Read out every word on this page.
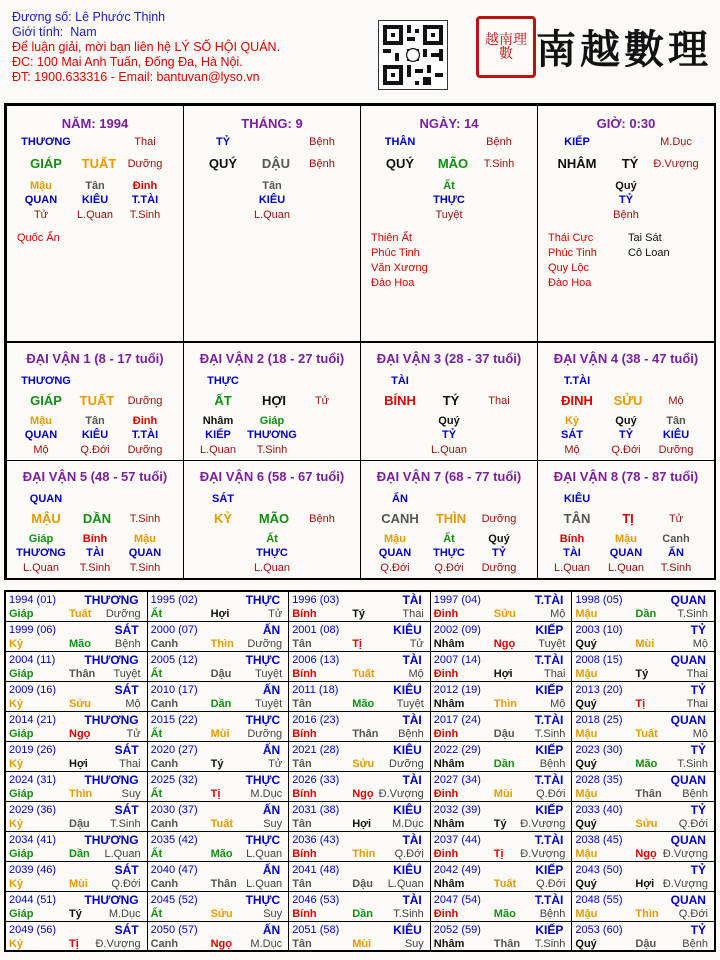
Đương số: Lê Phước Thịnh
Giới tính: Nam
Để luận giải, mời bạn liên hệ LÝ SỐ HỘI QUÁN.
ĐC: 100 Mai Anh Tuấn, Đống Đa, Hà Nội.
ĐT: 1900.633316 - Email: bantuvan@lyso.vn
越南理數 南越數理
NĂM: 1994
THƯƠNG	Thai
GIÁP	TUẤT	Dưỡng
Mậu	Tân	Đinh
QUAN	KIÊU	T.TÀI
Tử	L.Quan	T.Sinh
Quốc Ấn
THÁNG: 9
TỶ	Bệnh
QUÝ	DẬU	Bệnh
Tân
KIÊU
L.Quan
NGÀY: 14
THÂN	Bệnh
QUÝ	MÃO	T.Sinh
Ất
THỰC
Tuyệt
Thiên Ất
Phúc Tinh
Văn Xương
Đào Hoa
GIỜ: 0:30
KIẾP	M.Dục
NHÂM	TÝ	Đ.Vượng
Quý
TỶ
Bệnh
Thái Cực
Phúc Tinh
Quy Lộc
Đào Hoa
Tai Sát
Cô Loan
ĐẠI VẬN 1 (8 - 17 tuổi)
THƯƠNG
GIÁP	TUẤT	Dưỡng
Mậu	Tân	Đinh
QUAN	KIÊU	T.TÀI
Mộ	Q.Đới	Dưỡng
ĐẠI VẬN 2 (18 - 27 tuổi)
THỰC
ẤT	HỢI	Tử
Nhâm	Giáp
KIẾP	THƯƠNG
L.Quan	T.Sinh
ĐẠI VẬN 3 (28 - 37 tuổi)
TÀI
BÍNH	TÝ	Thai
Quý
TỶ
L.Quan
ĐẠI VẬN 4 (38 - 47 tuổi)
T.TÀI
ĐINH	SỬU	Mộ
Kỷ	Quý	Tân
SÁT	TỶ	KIÊU
Mộ	Q.Đới	Dưỡng
ĐẠI VẬN 5 (48 - 57 tuổi)
QUAN
MẬU	DẦN	T.Sinh
Giáp	Bính	Mậu
THƯƠNG	TÀI	QUAN
L.Quan	T.Sinh	T.Sinh
ĐẠI VẬN 6 (58 - 67 tuổi)
SÁT
KỶ	MÃO	Bệnh
Ất
THỰC
L.Quan
ĐẠI VẬN 7 (68 - 77 tuổi)
ẤN
CANH	THÌN	Dưỡng
Mậu	Ất	Quý
QUAN	THỰC	TỶ
Q.Đới	Q.Đới	Dưỡng
ĐẠI VẬN 8 (78 - 87 tuổi)
KIÊU
TÂN	TỊ	Tử
Bính	Mậu	Canh
TÀI	QUAN	ẤN
L.Quan	L.Quan	T.Sinh
1994 (01) THƯƠNG
Giáp	Tuất Dưỡng
1995 (02)	THỰC
Ất	Hợi	Tử
1996 (03)	TÀI
Bính	Tý	Thai
1997 (04)	T.TÀI
Đinh	Sửu	Mộ
1998 (05)	QUAN
Mậu	Dần T.Sinh
1999 (06)	SÁT
Kỷ	Mão Bệnh
2000 (07)	ẤN
Canh	Thìn Dưỡng
2001 (08)	KIÊU
Tân	Tị	Tử
2002 (09)	KIẾP
Nhâm	Ngọ Tuyệt
2003 (10)	TỶ
Quý	Mùi	Mộ
2004 (11) THƯƠNG
Giáp	Thân Tuyệt
2005 (12)	THỰC
Ất	Dậu Tuyệt
2006 (13)	TÀI
Bính	Tuất	Mộ
2007 (14)	T.TÀI
Đinh	Hợi	Thai
2008 (15)	QUAN
Mậu	Tý	Thai
2009 (16)	SÁT
Kỷ	Sửu	Mộ
2010 (17)	ẤN
Canh	Dần Tuyệt
2011 (18)	KIÊU
Tân	Mão Tuyệt
2012 (19)	KIẾP
Nhâm	Thìn	Mộ
2013 (20)	TỶ
Quý	Tị	Thai
2014 (21) THƯƠNG
Giáp	Ngọ	Tử
2015 (22)	THỰC
Ất	Mùi Dưỡng
2016 (23)	TÀI
Bính	Thân Bệnh
2017 (24)	T.TÀI
Đinh	Dậu T.Sinh
2018 (25)	QUAN
Mậu	Tuất	Mộ
2019 (26)	SÁT
Kỷ	Hợi	Thai
2020 (27)	ẤN
Canh	Tý	Tử
2021 (28)	KIÊU
Tân	Sửu Dưỡng
2022 (29)	KIẾP
Nhâm	Dần Bệnh
2023 (30)	TỶ
Quý	Mão T.Sinh
2024 (31) THƯƠNG
Giáp	Thìn	Suy
2025 (32)	THỰC
Ất	Tị	M.Dục
2026 (33)	TÀI
Bính	Ngọ Đ.Vượng
2027 (34)	T.TÀI
Đinh	Mùi Q.Đới
2028 (35)	QUAN
Mậu	Thân Bệnh
2029 (36)	SÁT
Kỷ	Dậu T.Sinh
2030 (37)	ẤN
Canh	Tuất	Suy
2031 (38)	KIÊU
Tân	Hợi M.Dục
2032 (39)	KIẾP
Nhâm	Tý Đ.Vượng
2033 (40)	TỶ
Quý	Sửu Q.Đới
2034 (41) THƯƠNG
Giáp	Dần L.Quan
2035 (42)	THỰC
Ất	Mão L.Quan
2036 (43)	TÀI
Bính	Thìn Q.Đới
2037 (44)	T.TÀI
Đinh	Tị Đ.Vượng
2038 (45)	QUAN
Mậu	Ngọ Đ.Vượng
2039 (46)	SÁT
Kỷ	Mùi Q.Đới
2040 (47)	ẤN
Canh	Thân L.Quan
2041 (48)	KIÊU
Tân	Dậu L.Quan
2042 (49)	KIẾP
Nhâm	Tuất Q.Đới
2043 (50)	TỶ
Quý	Hợi Đ.Vượng
2044 (51) THƯƠNG
Giáp	Tý M.Dục
2045 (52)	THỰC
Ất	Sửu	Suy
2046 (53)	TÀI
Bính	Dần T.Sinh
2047 (54)	T.TÀI
Đinh	Mão Bệnh
2048 (55)	QUAN
Mậu	Thìn Q.Đới
2049 (56)	SÁT
Kỷ	Tị Đ.Vượng
2050 (57)	ẤN
Canh	Ngọ M.Dục
2051 (58)	KIÊU
Tân	Mùi	Suy
2052 (59)	KIẾP
Nhâm	Thân T.Sinh
2053 (60)	TỶ
Quý	Dậu Bệnh
